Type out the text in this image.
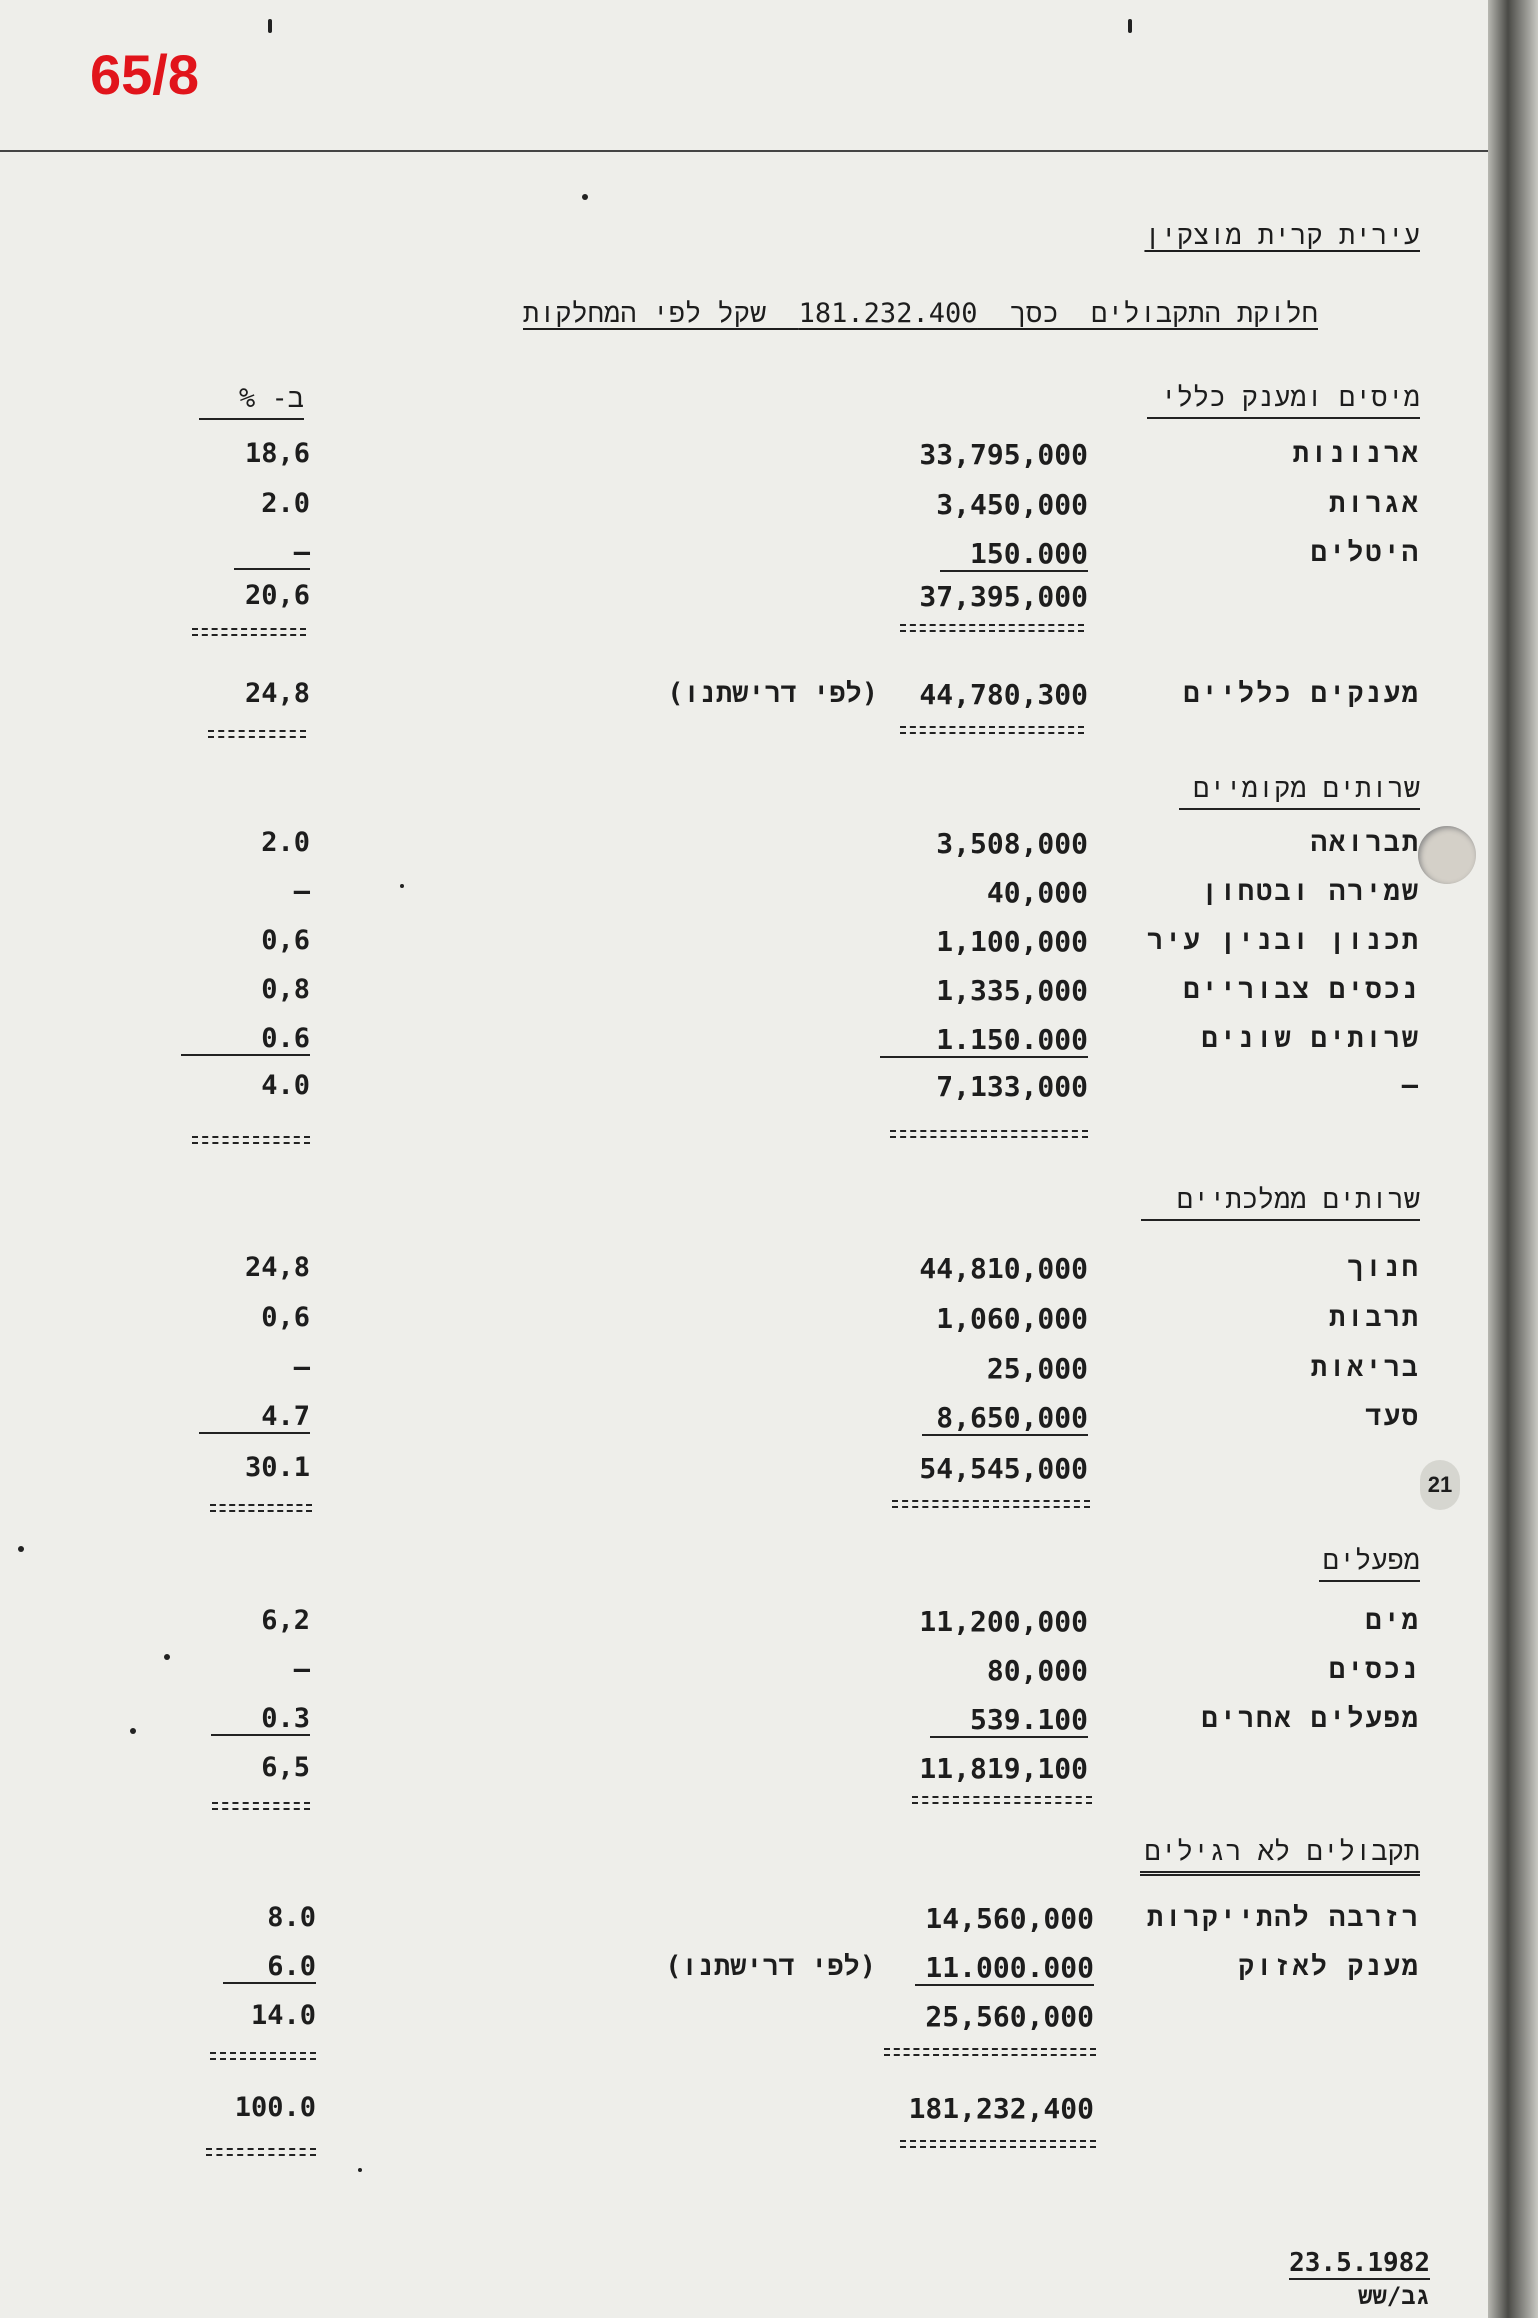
65/8
עירית קרית מוצקין
חלוקת התקבולים  כסך  181.232.400  שקל לפי המחלקות
ב- %	מיסים ומענק כללי
ארנונות
33,795,000
18,6
אגרות
3,450,000
2.0
היטלים
150.000
–
37,395,000
20,6
מענקים כלליים
44,780,300
(לפי דרישתנו)
24,8
שרותים מקומיים
תברואה
3,508,000
2.0
שמירה ובטחון
40,000
–
תכנון ובנין עיר
1,100,000
0,6
נכסים צבוריים
1,335,000
0,8
שרותים שונים
1.150.000
0.6
—
7,133,000
4.0
שרותים ממלכתיים
חנוך
44,810,000
24,8
תרבות
1,060,000
0,6
בריאות
25,000
–
סעד
8,650,000
4.7
54,545,000
30.1
מפעלים
מים
11,200,000
6,2
נכסים
80,000
–
מפעלים אחרים
539.100
0.3
11,819,100
6,5
תקבולים לא רגילים
רזרבה להתייקרות
14,560,000
8.0
מענק לאזוק
11.000.000
(לפי דרישתנו)
6.0
25,560,000
14.0
181,232,400
100.0
21
23.5.1982
גב/שש
